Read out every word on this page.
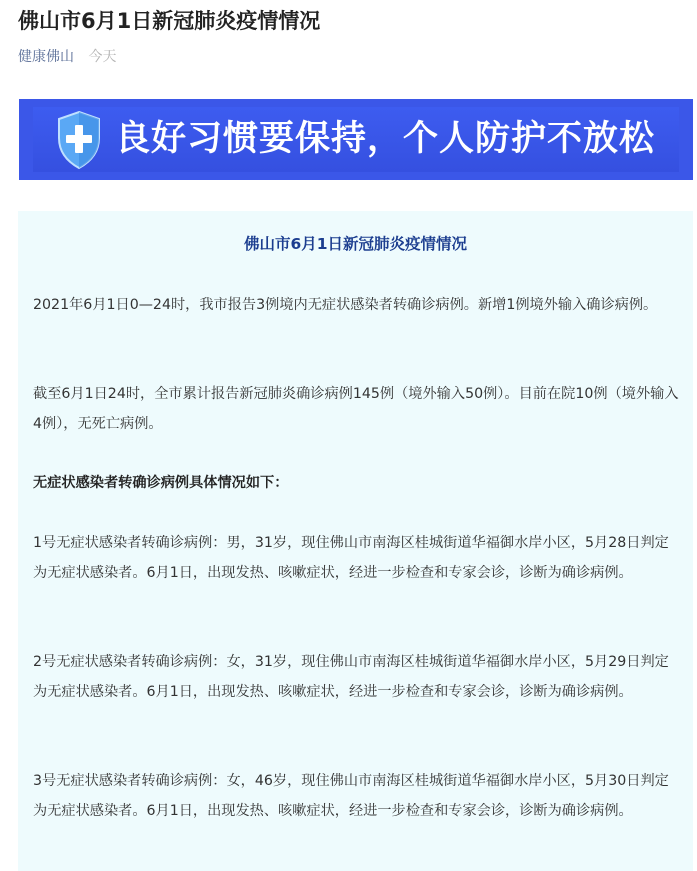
佛山市6月1日新冠肺炎疫情情况
健康佛山 今天
良好习惯要保持，个人防护不放松
佛山市6月1日新冠肺炎疫情情况

2021年6月1日0—24时，我市报告3例境内无症状感染者转确诊病例。新增1例境外输入确诊病例。

截至6月1日24时，全市累计报告新冠肺炎确诊病例145例（境外输入50例）。目前在院10例（境外输入4例），无死亡病例。

无症状感染者转确诊病例具体情况如下：

1号无症状感染者转确诊病例：男，31岁，现住佛山市南海区桂城街道华福御水岸小区，5月28日判定为无症状感染者。6月1日，出现发热、咳嗽症状，经进一步检查和专家会诊，诊断为确诊病例。

2号无症状感染者转确诊病例：女，31岁，现住佛山市南海区桂城街道华福御水岸小区，5月29日判定为无症状感染者。6月1日，出现发热、咳嗽症状，经进一步检查和专家会诊，诊断为确诊病例。

3号无症状感染者转确诊病例：女，46岁，现住佛山市南海区桂城街道华福御水岸小区，5月30日判定为无症状感染者。6月1日，出现发热、咳嗽症状，经进一步检查和专家会诊，诊断为确诊病例。
